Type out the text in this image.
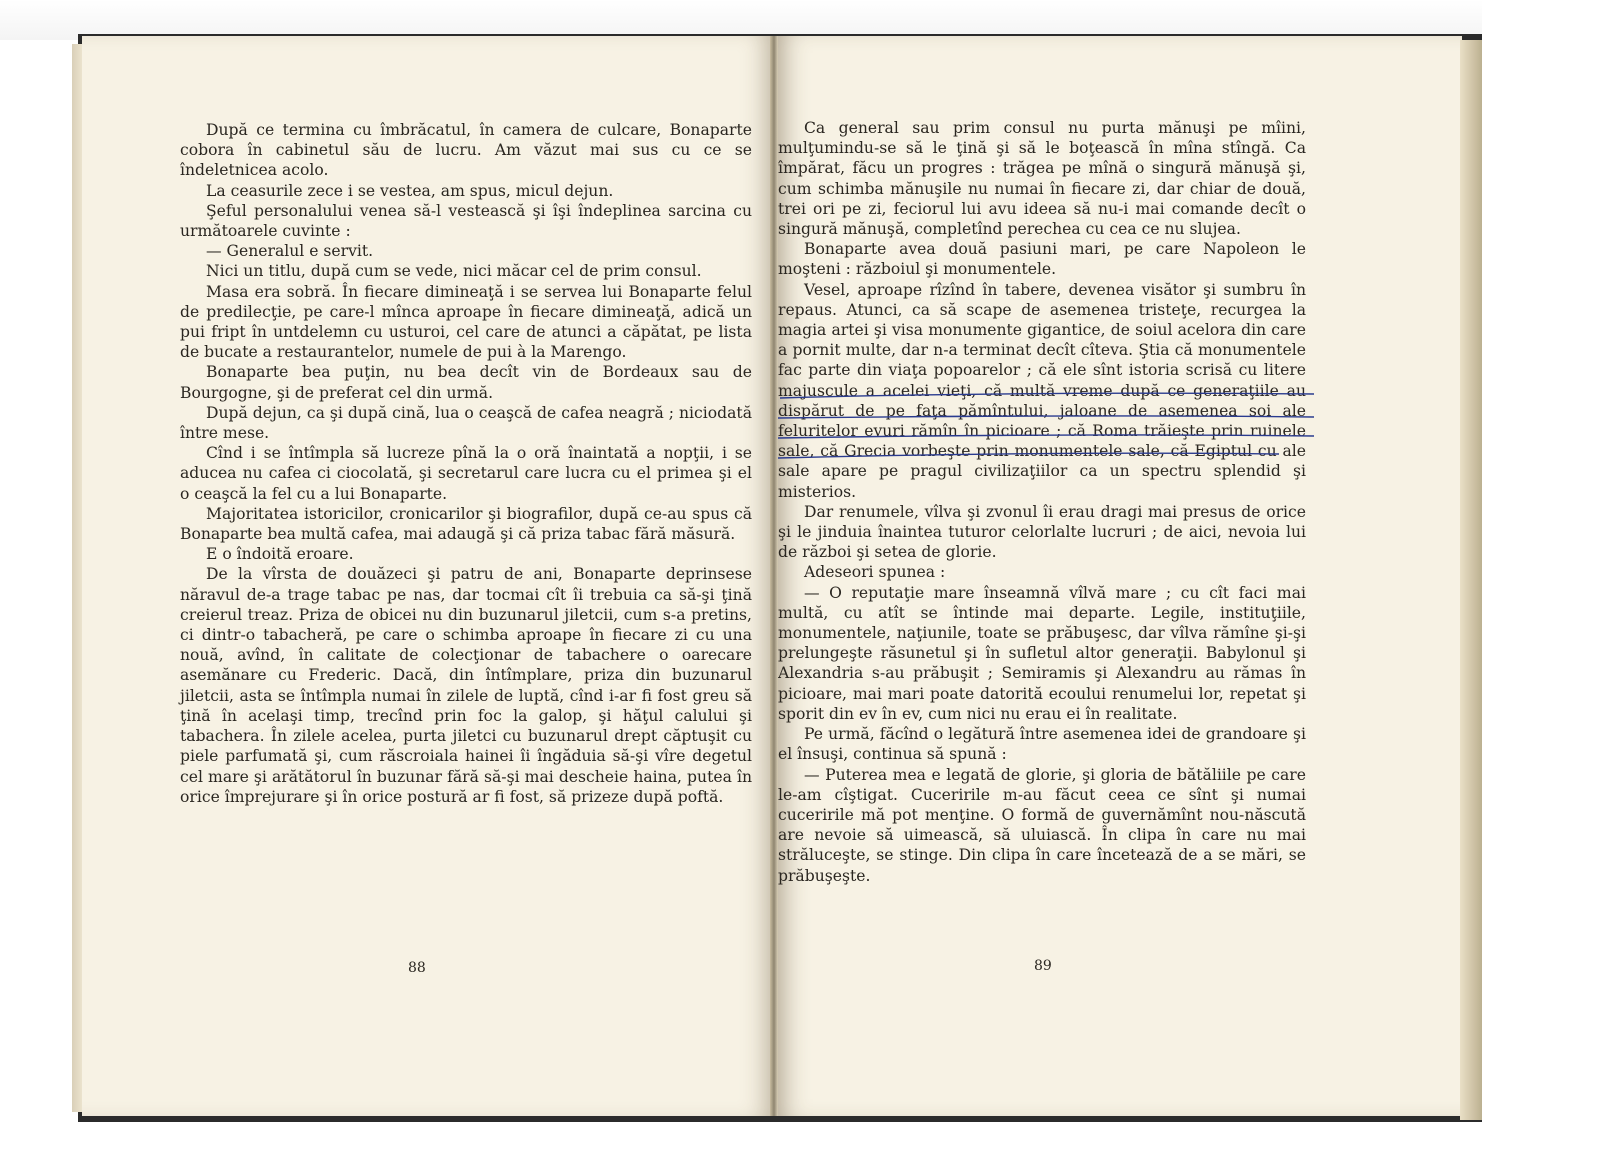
După ce termina cu îmbrăcatul, în camera de culcare, Bonaparte cobora în cabinetul său de lucru. Am văzut mai sus cu ce se îndeletnicea acolo.

La ceasurile zece i se vestea, am spus, micul dejun.

Şeful personalului venea să-l vestească şi îşi îndeplinea sarcina cu următoarele cuvinte :

— Generalul e servit.

Nici un titlu, după cum se vede, nici măcar cel de prim consul.

Masa era sobră. În fiecare dimineaţă i se servea lui Bonaparte felul de predilecţie, pe care-l mînca aproape în fiecare dimineaţă, adică un pui fript în untdelemn cu usturoi, cel care de atunci a căpătat, pe lista de bucate a restaurantelor, numele de pui à la Marengo.

Bonaparte bea puţin, nu bea decît vin de Bordeaux sau de Bourgogne, şi de preferat cel din urmă.

După dejun, ca şi după cină, lua o ceaşcă de cafea neagră ; niciodată între mese.

Cînd i se întîmpla să lucreze pînă la o oră înaintată a nopţii, i se aducea nu cafea ci ciocolată, şi secretarul care lucra cu el primea şi el o ceaşcă la fel cu a lui Bonaparte.

Majoritatea istoricilor, cronicarilor şi biografilor, după ce-au spus că Bonaparte bea multă cafea, mai adaugă şi că priza tabac fără măsură.

E o îndoită eroare.

De la vîrsta de douăzeci şi patru de ani, Bonaparte deprinsese năravul de-a trage tabac pe nas, dar tocmai cît îi trebuia ca să-şi ţină creierul treaz. Priza de obicei nu din buzunarul jiletcii, cum s-a pretins, ci dintr-o tabacheră, pe care o schimba aproape în fiecare zi cu una nouă, avînd, în calitate de colecţionar de tabachere o oarecare asemănare cu Frederic. Dacă, din întîmplare, priza din buzunarul jiletcii, asta se întîmpla numai în zilele de luptă, cînd i-ar fi fost greu să ţină în acelaşi timp, trecînd prin foc la galop, şi hăţul calului şi tabachera. În zilele acelea, purta jiletci cu buzunarul drept căptuşit cu piele parfumată şi, cum răscroiala hainei îi îngăduia să-şi vîre degetul cel mare şi arătătorul în buzunar fără să-şi mai descheie haina, putea în orice împrejurare şi în orice postură ar fi fost, să prizeze după poftă.

88

Ca general sau prim consul nu purta mănuşi pe mîini, mulţumindu-se să le ţină şi să le boţească în mîna stîngă. Ca împărat, făcu un progres : trăgea pe mînă o singură mănuşă şi, cum schimba mănuşile nu numai în fiecare zi, dar chiar de două, trei ori pe zi, feciorul lui avu ideea să nu-i mai comande decît o singură mănuşă, completînd perechea cu cea ce nu slujea.

Bonaparte avea două pasiuni mari, pe care Napoleon le moşteni : războiul şi monumentele.

Vesel, aproape rîzînd în tabere, devenea visător şi sumbru în repaus. Atunci, ca să scape de asemenea tristeţe, recurgea la magia artei şi visa monumente gigantice, de soiul acelora din care a pornit multe, dar n-a terminat decît cîteva. Ştia că monumentele fac parte din viaţa popoarelor ; că ele sînt istoria scrisă cu litere majuscule a acelei vieţi, că multă vreme după ce generaţiile au dispărut de pe faţa pămîntului, jaloane de asemenea soi ale feluritelor evuri rămîn în picioare ; că Roma trăieşte prin ruinele sale, că Grecia vorbeşte prin monumentele sale, că Egiptul cu ale sale apare pe pragul civilizaţiilor ca un spectru splendid şi misterios.

Dar renumele, vîlva şi zvonul îi erau dragi mai presus de orice şi le jinduia înaintea tuturor celorlalte lucruri ; de aici, nevoia lui de război şi setea de glorie.

Adeseori spunea :

— O reputaţie mare înseamnă vîlvă mare ; cu cît faci mai multă, cu atît se întinde mai departe. Legile, instituţiile, monumentele, naţiunile, toate se prăbuşesc, dar vîlva rămîne şi-şi prelungeşte răsunetul şi în sufletul altor generaţii. Babylonul şi Alexandria s-au prăbuşit ; Semiramis şi Alexandru au rămas în picioare, mai mari poate datorită ecoului renumelui lor, repetat şi sporit din ev în ev, cum nici nu erau ei în realitate.

Pe urmă, făcînd o legătură între asemenea idei de grandoare şi el însuşi, continua să spună :

— Puterea mea e legată de glorie, şi gloria de bătăliile pe care le-am cîştigat. Cuceririle m-au făcut ceea ce sînt şi numai cuceririle mă pot menţine. O formă de guvernămînt nou-născută are nevoie să uimească, să uluiască. În clipa în care nu mai străluceşte, se stinge. Din clipa în care încetează de a se mări, se prăbuşeşte.

89
